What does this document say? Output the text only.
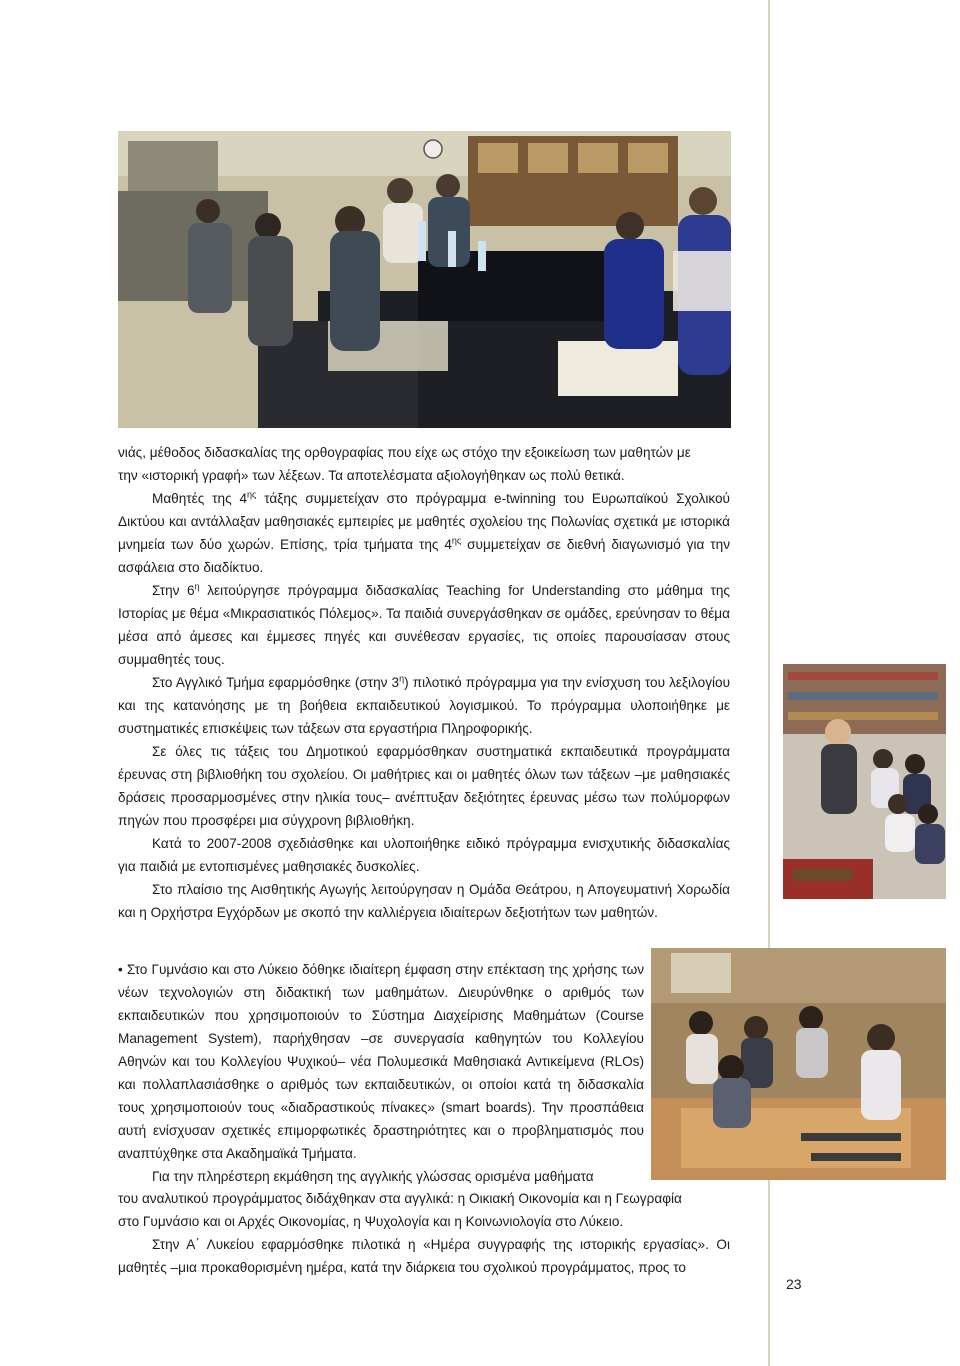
νιάς, μέθοδος διδασκαλίας της ορθογραφίας που είχε ως στόχο την εξοικείωση των μαθητών με

την «ιστορική γραφή» των λέξεων. Τα αποτελέσματα αξιολογήθηκαν ως πολύ θετικά.

Μαθητές της $4^{\eta\varsigma}$ τάξης συμμετείχαν στο πρόγραμμα e-twinning του Ευρωπαϊκού Σχολικού Δικτύου και αντάλλαξαν μαθησιακές εμπειρίες με μαθητές σχολείου της Πολωνίας σχετικά με ιστορικά μνημεία των δύο χωρών. Επίσης, τρία τμήματα της $4^{\eta\varsigma}$ συμμετείχαν σε διεθνή διαγωνισμό για την ασφάλεια στο διαδίκτυο.

Στην $6^\eta$ λειτούργησε πρόγραμμα διδασκαλίας Teaching for Understanding στο μάθημα της Ιστορίας με θέμα «Μικρασιατικός Πόλεμος». Τα παιδιά συνεργάσθηκαν σε ομάδες, ερεύνησαν το θέμα μέσα από άμεσες και έμμεσες πηγές και συνέθεσαν εργασίες, τις οποίες παρουσίασαν στους συμμαθητές τους.

Στο Αγγλικό Τμήμα εφαρμόσθηκε (στην $3^\eta$) πιλοτικό πρόγραμμα για την ενίσχυση του λεξιλογίου και της κατανόησης με τη βοήθεια εκπαιδευτικού λογισμικού. Το πρόγραμμα υλοποιήθηκε με συστηματικές επισκέψεις των τάξεων στα εργαστήρια Πληροφορικής.

Σε όλες τις τάξεις του Δημοτικού εφαρμόσθηκαν συστηματικά εκπαιδευτικά προγράμματα έρευνας στη βιβλιοθήκη του σχολείου. Οι μαθήτριες και οι μαθητές όλων των τάξεων –με μαθησιακές δράσεις προσαρμοσμένες στην ηλικία τους– ανέπτυξαν δεξιότητες έρευνας μέσω των πολύμορφων πηγών που προσφέρει μια σύγχρονη βιβλιοθήκη.

Κατά το 2007-2008 σχεδιάσθηκε και υλοποιήθηκε ειδικό πρόγραμμα ενισχυτικής διδασκαλίας για παιδιά με εντοπισμένες μαθησιακές δυσκολίες.

Στο πλαίσιο της Αισθητικής Αγωγής λειτούργησαν η Ομάδα Θεάτρου, η Απογευματινή Χορωδία και η Ορχήστρα Εγχόρδων με σκοπό την καλλιέργεια ιδιαίτερων δεξιοτήτων των μαθητών.

• Στο Γυμνάσιο και στο Λύκειο δόθηκε ιδιαίτερη έμφαση στην επέκταση της χρήσης των νέων τεχνολογιών στη διδακτική των μαθημάτων. Διευρύνθηκε ο αριθμός των εκπαιδευτικών που χρησιμοποιούν το Σύστημα Διαχείρισης Μαθημάτων (Course Management System), παρήχθησαν –σε συνεργασία καθηγητών του Κολλεγίου Αθηνών και του Κολλεγίου Ψυχικού– νέα Πολυμεσικά Μαθησιακά Αντικείμενα (RLOs) και πολλαπλασιάσθηκε ο αριθμός των εκπαιδευτικών, οι οποίοι κατά τη διδασκαλία τους χρησιμοποιούν τους «διαδραστικούς πίνακες» (smart boards). Την προσπάθεια αυτή ενίσχυσαν σχετικές επιμορφωτικές δραστηριότητες και ο προβληματισμός που αναπτύχθηκε στα Ακαδημαϊκά Τμήματα.

Για την πληρέστερη εκμάθηση της αγγλικής γλώσσας ορισμένα μαθήματα

του αναλυτικού προγράμματος διδάχθηκαν στα αγγλικά: η Οικιακή Οικονομία και η Γεωγραφία

στο Γυμνάσιο και οι Αρχές Οικονομίας, η Ψυχολογία και η Κοινωνιολογία στο Λύκειο.

Στην Α΄ Λυκείου εφαρμόσθηκε πιλοτικά η «Ημέρα συγγραφής της ιστορικής εργασίας». Οι μαθητές –μια προκαθορισμένη ημέρα, κατά την διάρκεια του σχολικού προγράμματος, προς το

23
